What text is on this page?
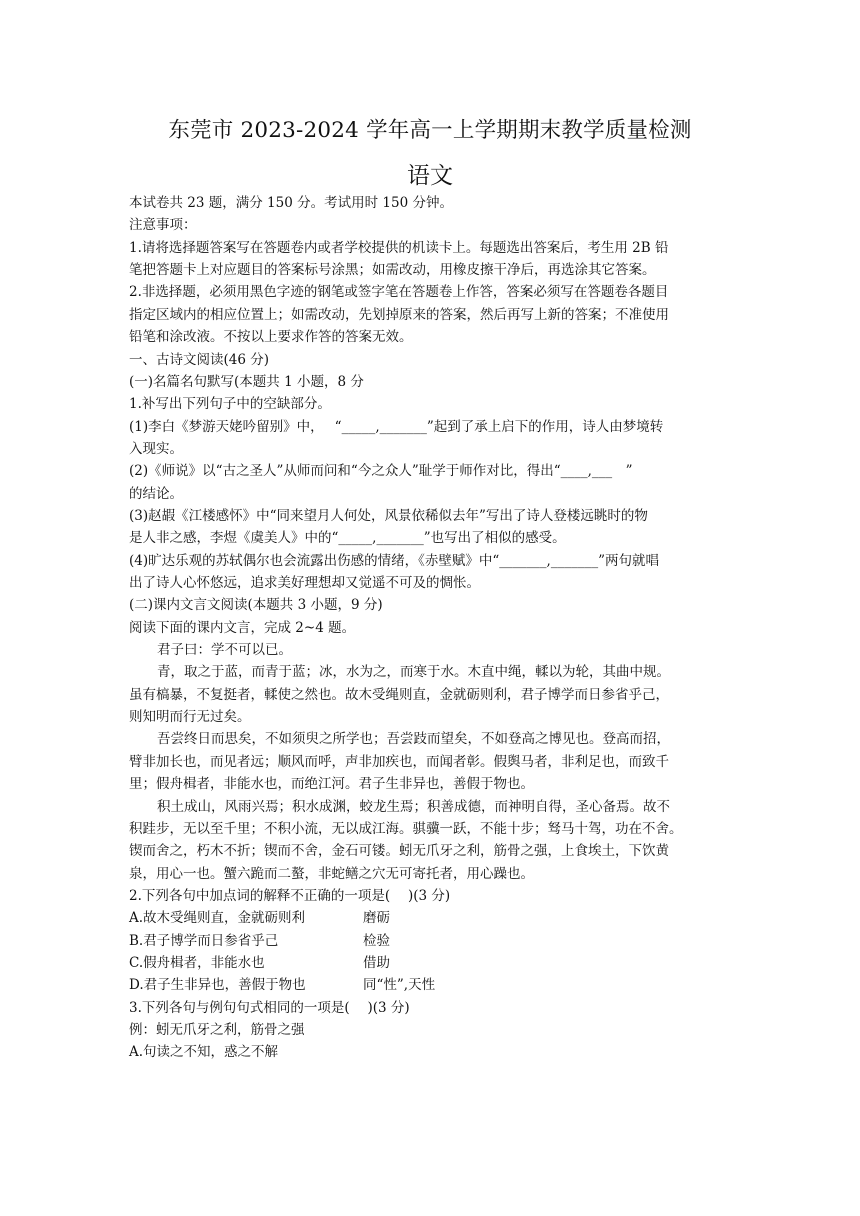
东莞市 2023-2024 学年高一上学期期末教学质量检测
语文
本试卷共 23 题，满分 150 分。考试用时 150 分钟。
注意事项：
1.请将选择题答案写在答题卷内或者学校提供的机读卡上。每题选出答案后，考生用 2B 铅
笔把答题卡上对应题目的答案标号涂黑；如需改动，用橡皮擦干净后，再选涂其它答案。
2.非选择题，必须用黑色字迹的钢笔或签字笔在答题卷上作答，答案必须写在答题卷各题目
指定区域内的相应位置上；如需改动，先划掉原来的答案，然后再写上新的答案；不准使用
铅笔和涂改液。不按以上要求作答的答案无效。
一、古诗文阅读(46 分)
(一)名篇名句默写(本题共 1 小题，8 分
1.补写出下列句子中的空缺部分。
(1)李白《梦游天姥吟留别》中，　 “_____,_______”起到了承上启下的作用，诗人由梦境转
入现实。
(2)《师说》以“古之圣人”从师而问和“今之众人”耻学于师作对比，得出“____,___　”
的结论。
(3)赵嘏《江楼感怀》中“同来望月人何处，风景依稀似去年”写出了诗人登楼远眺时的物
是人非之感，李煜《虞美人》中的“_____,_______”也写出了相似的感受。
(4)旷达乐观的苏轼偶尔也会流露出伤感的情绪，《赤壁赋》中“_______,_______”两句就唱
出了诗人心怀悠远，追求美好理想却又觉遥不可及的惆怅。
(二)课内文言文阅读(本题共 3 小题，9 分)
阅读下面的课内文言，完成 2~4 题。
君子曰：学不可以已。
青，取之于蓝，而青于蓝；冰，水为之，而寒于水。木直中绳，輮以为轮，其曲中规。
虽有槁暴，不复挺者，輮使之然也。故木受绳则直，金就砺则利，君子博学而日参省乎己，
则知明而行无过矣。
吾尝终日而思矣，不如须臾之所学也；吾尝跂而望矣，不如登高之博见也。登高而招，
臂非加长也，而见者远；顺风而呼，声非加疾也，而闻者彰。假舆马者，非利足也，而致千
里；假舟楫者，非能水也，而绝江河。君子生非异也，善假于物也。
积土成山，风雨兴焉；积水成渊，蛟龙生焉；积善成德，而神明自得，圣心备焉。故不
积跬步，无以至千里；不积小流，无以成江海。骐骥一跃，不能十步；驽马十驾，功在不舍。
锲而舍之，朽木不折；锲而不舍，金石可镂。蚓无爪牙之利，筋骨之强，上食埃土，下饮黄
泉，用心一也。蟹六跪而二螯，非蛇鳝之穴无可寄托者，用心躁也。
2.下列各句中加点词的解释不正确的一项是(　 )(3 分)
A.故木受绳则直，金就砺则利	磨砺
B.君子博学而日参省乎己	检验
C.假舟楫者，非能水也	借助
D.君子生非异也，善假于物也	同“性”,天性
3.下列各句与例句句式相同的一项是(　 )(3 分)
例：蚓无爪牙之利，筋骨之强
A.句读之不知，惑之不解
